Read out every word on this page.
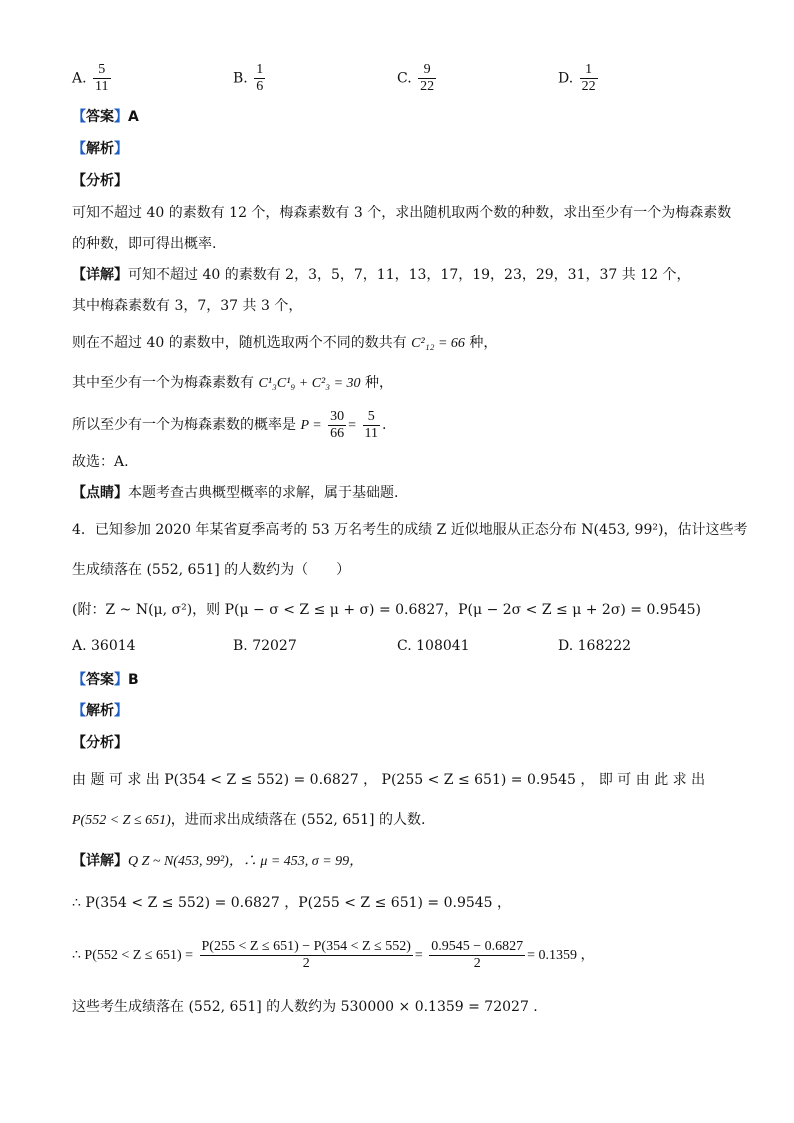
A. $\frac{5}{11}$	B. $\frac{1}{6}$	C. $\frac{9}{22}$	D. $\frac{1}{22}$
【答案】A
【解析】
【分析】
可知不超过 40 的素数有 12 个，梅森素数有 3 个，求出随机取两个数的种数，求出至少有一个为梅森素数
的种数，即可得出概率.
【详解】可知不超过 40 的素数有 2，3，5，7，11，13，17，19，23，29，31，37 共 12 个，
其中梅森素数有 3，7，37 共 3 个，
则在不超过 40 的素数中，随机选取两个不同的数共有 C²₁₂ = 66 种，
其中至少有一个为梅森素数有 C¹₃C¹₉ + C²₃ = 30 种，
所以至少有一个为梅森素数的概率是 $P = \frac{30}{66} = \frac{5}{11}$ .
故选：A.
【点睛】本题考查古典概型概率的求解，属于基础题.
4．已知参加 2020 年某省夏季高考的 53 万名考生的成绩 Z 近似地服从正态分布 N(453, 99²)，估计这些考
生成绩落在 (552, 651] 的人数约为（　　）
(附：Z ~ N(μ, σ²)，则 P(μ − σ < Z ≤ μ + σ) = 0.6827，P(μ − 2σ < Z ≤ μ + 2σ) = 0.9545)
A. 36014	B. 72027	C. 108041	D. 168222
【答案】B
【解析】
【分析】
由 题 可 求 出 P(354 < Z ≤ 552) = 0.6827 ， P(255 < Z ≤ 651) = 0.9545 ， 即 可 由 此 求 出
P(552 < Z ≤ 651)，进而求出成绩落在 (552, 651] 的人数.
【详解】Q Z ~ N(453, 99²)，∴ μ = 453, σ = 99，
∴ P(354 < Z ≤ 552) = 0.6827 ，P(255 < Z ≤ 651) = 0.9545 ，
∴ $P(552 < Z \le 651) = \frac{P(255 < Z \le 651) - P(354 < Z \le 552)}{2} = \frac{0.9545 - 0.6827}{2} = 0.1359$ ，
这些考生成绩落在 (552, 651] 的人数约为 530000 × 0.1359 = 72027 .
